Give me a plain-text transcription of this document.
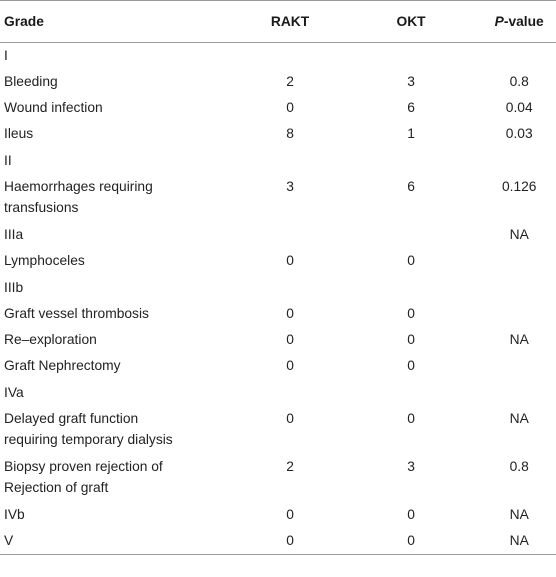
Grade	RAKT	OKT	P-value
I			
Bleeding	2	3	0.8
Wound infection	0	6	0.04
Ileus	8	1	0.03
II			

Haemorrhages requiring
transfusions	3	6	0.126
IIIa			NA
Lymphoceles	0	0	
IIIb			
Graft vessel thrombosis	0	0	
Re–exploration	0	0	NA
Graft Nephrectomy	0	0	
IVa			

Delayed graft function
requiring temporary dialysis	0	0	NA

Biopsy proven rejection of
Rejection of graft	2	3	0.8
IVb	0	0	NA
V	0	0	NA
